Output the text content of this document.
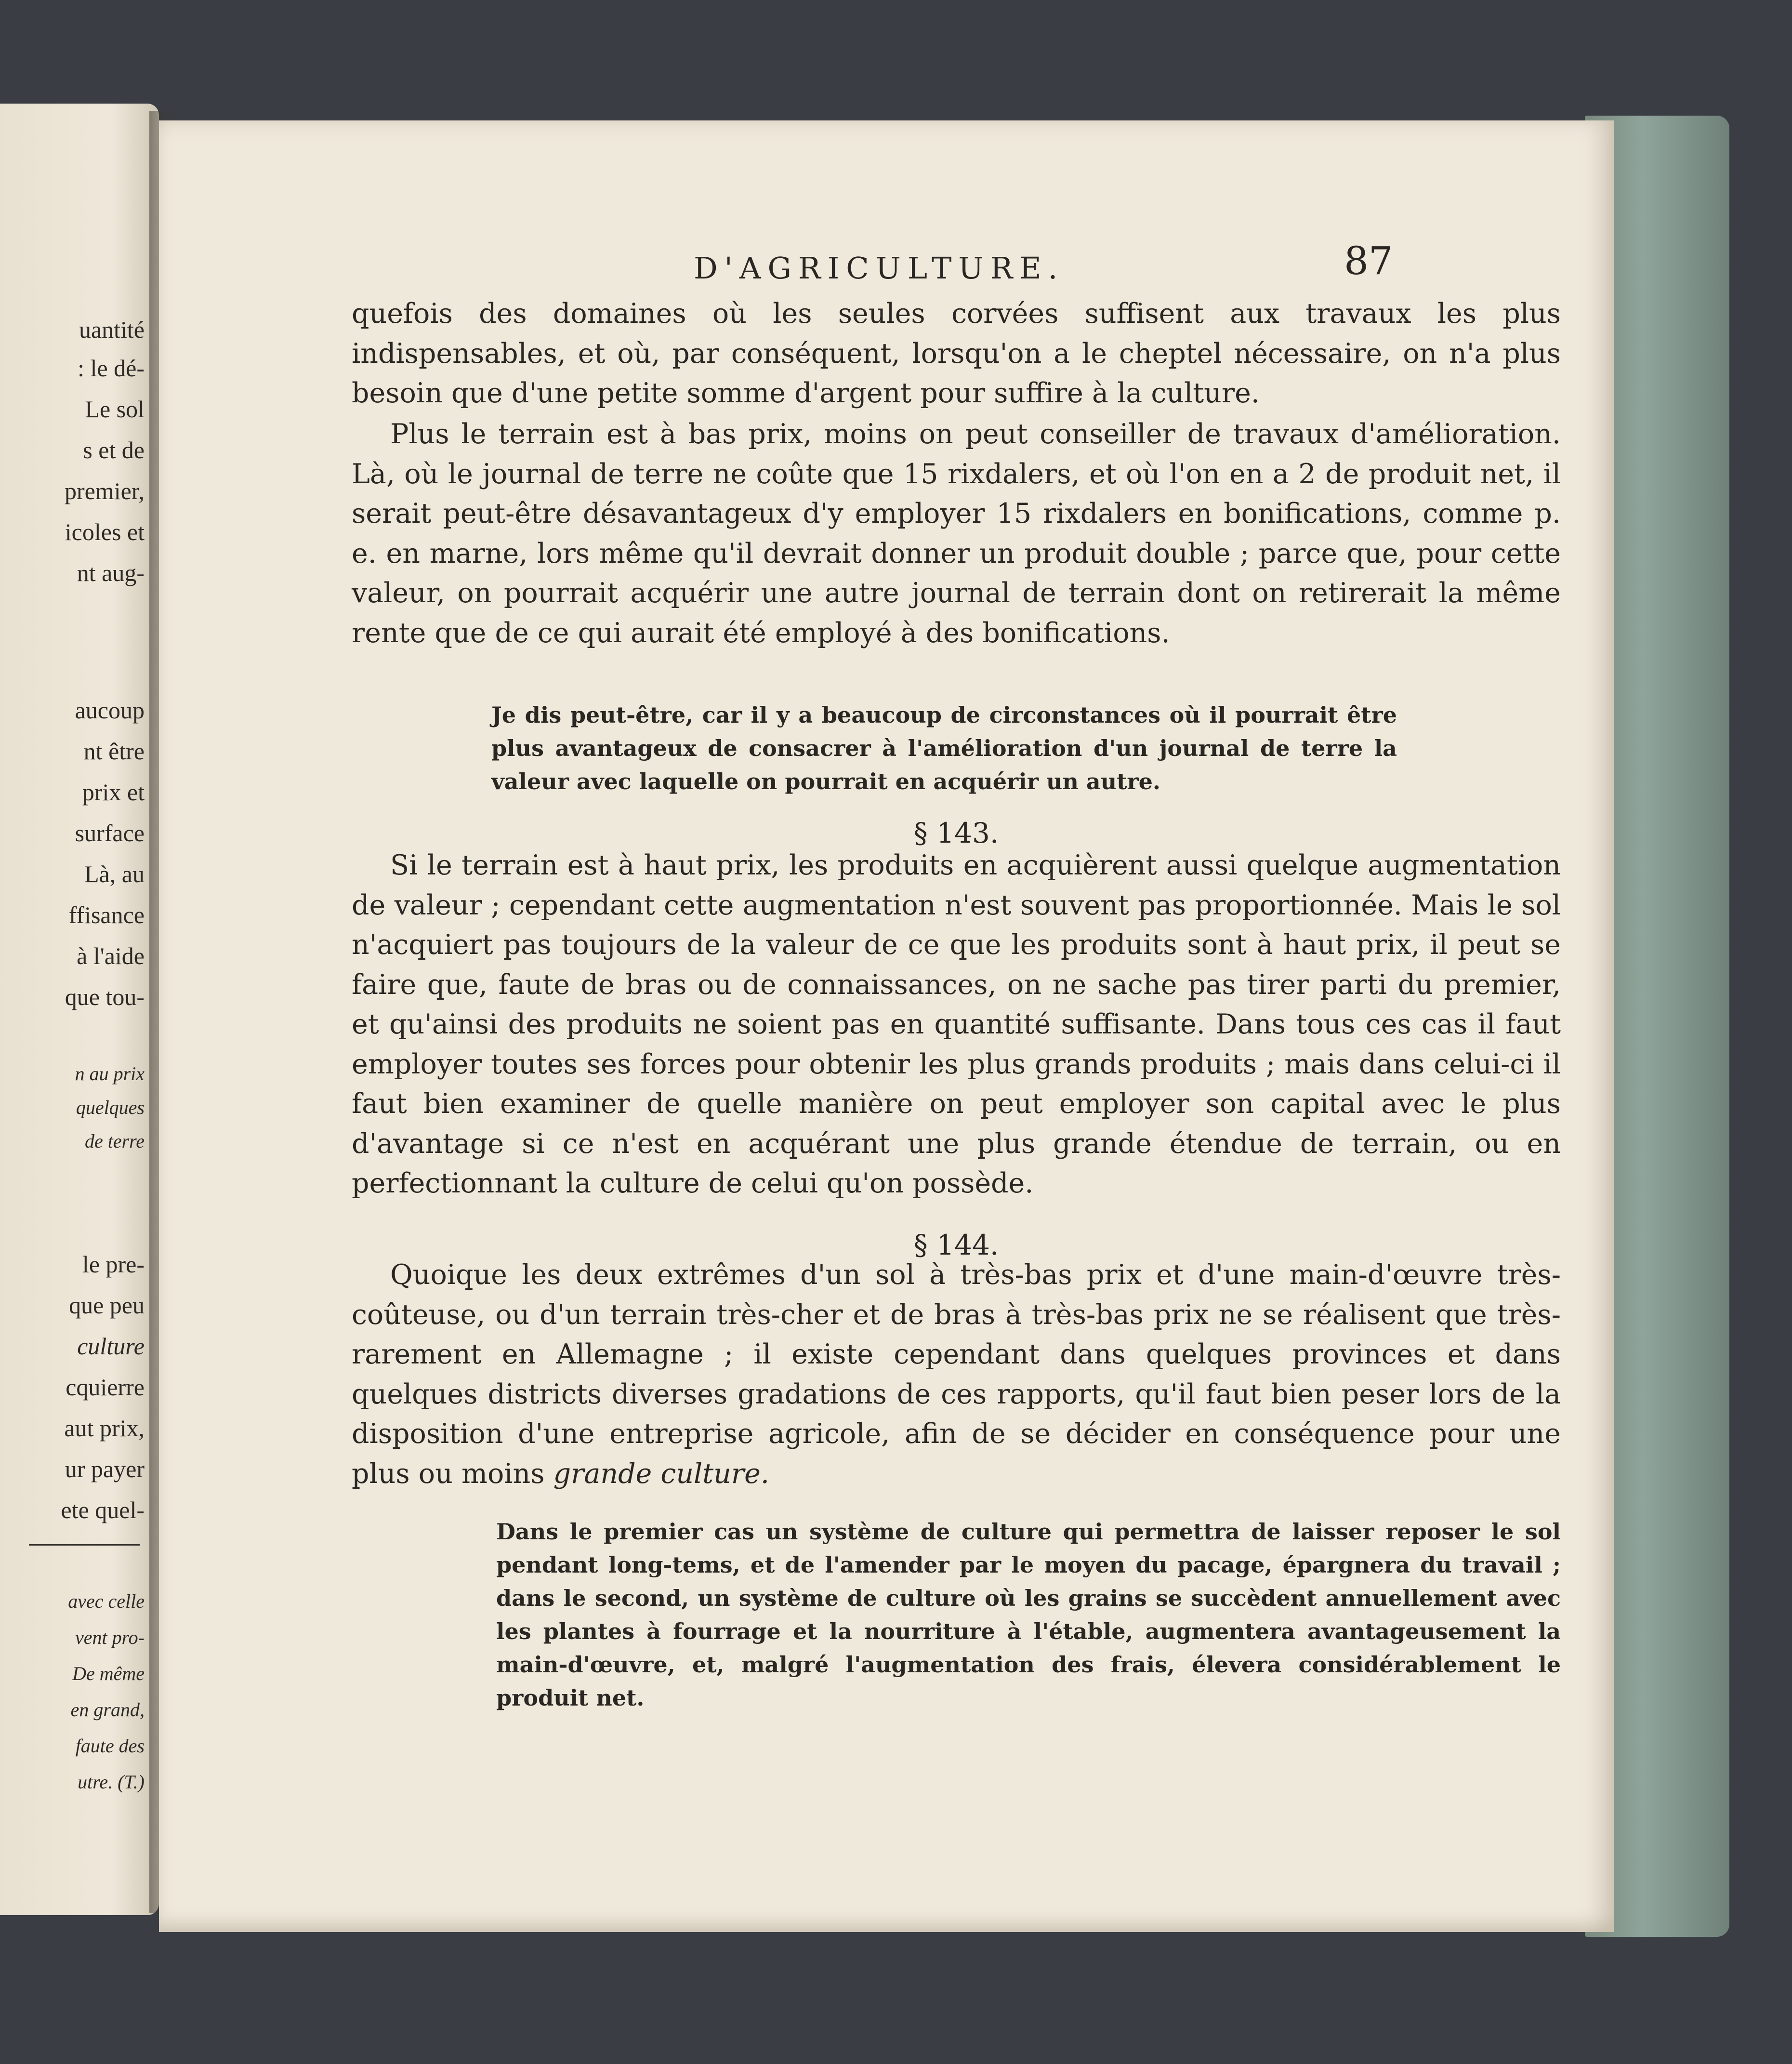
uantité
: le dé-
Le sol
s et de
premier,
icoles et
nt aug-
aucoup
nt être
prix et
surface
Là, au
ffisance
à l'aide
que tou-
n au prix
quelques
de terre
le pre-
que peu
culture
cquierre
aut prix,
ur payer
ete quel-
avec celle
vent pro-
De même
en grand,
faute des
utre. (T.)
D'AGRICULTURE.	87

quefois des domaines où les seules corvées suffisent aux travaux les plus indispensables, et où, par conséquent, lorsqu'on a le cheptel nécessaire, on n'a plus besoin que d'une petite somme d'argent pour suffire à la culture.

Plus le terrain est à bas prix, moins on peut conseiller de travaux d'amélioration. Là, où le journal de terre ne coûte que 15 rixdalers, et où l'on en a 2 de produit net, il serait peut-être désavantageux d'y employer 15 rixdalers en bonifications, comme p. e. en marne, lors même qu'il devrait donner un produit double ; parce que, pour cette valeur, on pourrait acquérir une autre journal de terrain dont on retirerait la même rente que de ce qui aurait été employé à des bonifications.

Je dis peut-être, car il y a beaucoup de circonstances où il pourrait être plus avantageux de consacrer à l'amélioration d'un journal de terre la valeur avec laquelle on pourrait en acquérir un autre.

§ 143.

Si le terrain est à haut prix, les produits en acquièrent aussi quelque augmentation de valeur ; cependant cette augmentation n'est souvent pas proportionnée. Mais le sol n'acquiert pas toujours de la valeur de ce que les produits sont à haut prix, il peut se faire que, faute de bras ou de connaissances, on ne sache pas tirer parti du premier, et qu'ainsi des produits ne soient pas en quantité suffisante. Dans tous ces cas il faut employer toutes ses forces pour obtenir les plus grands produits ; mais dans celui-ci il faut bien examiner de quelle manière on peut employer son capital avec le plus d'avantage si ce n'est en acquérant une plus grande étendue de terrain, ou en perfectionnant la culture de celui qu'on possède.

§ 144.

Quoique les deux extrêmes d'un sol à très-bas prix et d'une main-d'œuvre très-coûteuse, ou d'un terrain très-cher et de bras à très-bas prix ne se réalisent que très-rarement en Allemagne ; il existe cependant dans quelques provinces et dans quelques districts diverses gradations de ces rapports, qu'il faut bien peser lors de la disposition d'une entreprise agricole, afin de se décider en conséquence pour une plus ou moins grande culture.

Dans le premier cas un système de culture qui permettra de laisser reposer le sol pendant long-tems, et de l'amender par le moyen du pacage, épargnera du travail ; dans le second, un système de culture où les grains se succèdent annuellement avec les plantes à fourrage et la nourriture à l'étable, augmentera avantageusement la main-d'œuvre, et, malgré l'augmentation des frais, élevera considérablement le produit net.
